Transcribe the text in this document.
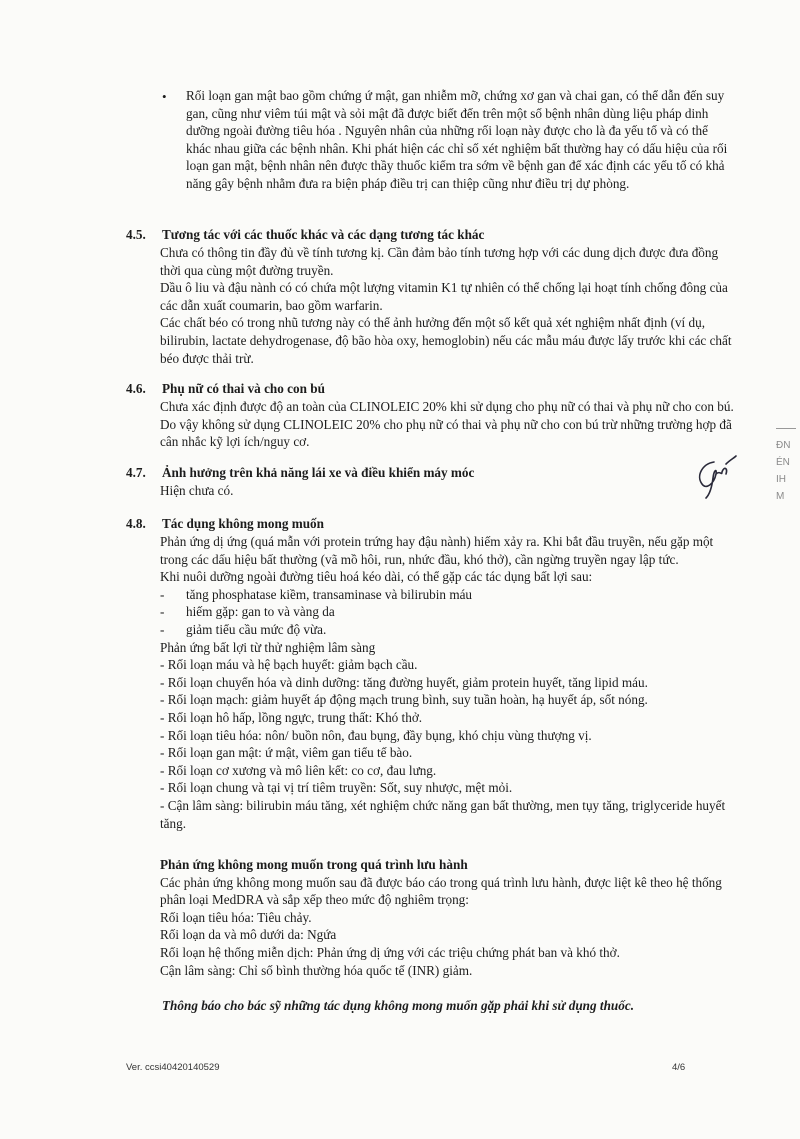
• Rối loạn gan mật bao gồm chứng ứ mật, gan nhiễm mỡ, chứng xơ gan và chai gan, có thể dẫn đến suy gan, cũng như viêm túi mật và sỏi mật đã được biết đến trên một số bệnh nhân dùng liệu pháp dinh dưỡng ngoài đường tiêu hóa . Nguyên nhân của những rối loạn này được cho là đa yếu tố và có thể khác nhau giữa các bệnh nhân. Khi phát hiện các chỉ số xét nghiệm bất thường hay có dấu hiệu của rối loạn gan mật, bệnh nhân nên được thầy thuốc kiểm tra sớm về bệnh gan để xác định các yếu tố có khả năng gây bệnh nhằm đưa ra biện pháp điều trị can thiệp cũng như điều trị dự phòng.

4.5. Tương tác với các thuốc khác và các dạng tương tác khác

Chưa có thông tin đầy đủ về tính tương kị. Cần đảm bảo tính tương hợp với các dung dịch được đưa đồng thời qua cùng một đường truyền.

Dầu ô liu và đậu nành có có chứa một lượng vitamin K1 tự nhiên có thể chống lại hoạt tính chống đông của các dẫn xuất coumarin, bao gồm warfarin.

Các chất béo có trong nhũ tương này có thể ảnh hưởng đến một số kết quả xét nghiệm nhất định (ví dụ, bilirubin, lactate dehydrogenase, độ bão hòa oxy, hemoglobin) nếu các mẫu máu được lấy trước khi các chất béo được thải trừ.

4.6. Phụ nữ có thai và cho con bú

Chưa xác định được độ an toàn của CLINOLEIC 20% khi sử dụng cho phụ nữ có thai và phụ nữ cho con bú. Do vậy không sử dụng CLINOLEIC 20% cho phụ nữ có thai và phụ nữ cho con bú trừ những trường hợp đã cân nhắc kỹ lợi ích/nguy cơ.

4.7. Ảnh hưởng trên khả năng lái xe và điều khiển máy móc

Hiện chưa có.

4.8. Tác dụng không mong muốn

Phản ứng dị ứng (quá mẫn với protein trứng hay đậu nành) hiếm xảy ra. Khi bắt đầu truyền, nếu gặp một trong các dấu hiệu bất thường (vã mồ hôi, run, nhức đầu, khó thở), cần ngừng truyền ngay lập tức.

Khi nuôi dưỡng ngoài đường tiêu hoá kéo dài, có thể gặp các tác dụng bất lợi sau:

-	tăng phosphatase kiềm, transaminase và bilirubin máu
-	hiếm gặp: gan to và vàng da
-	giảm tiểu cầu mức độ vừa.

Phản ứng bất lợi từ thử nghiệm lâm sàng

- Rối loạn máu và hệ bạch huyết: giảm bạch cầu.

- Rối loạn chuyển hóa và dinh dưỡng: tăng đường huyết, giảm protein huyết, tăng lipid máu.

- Rối loạn mạch: giảm huyết áp động mạch trung bình, suy tuần hoàn, hạ huyết áp, sốt nóng.

- Rối loạn hô hấp, lồng ngực, trung thất: Khó thở.

- Rối loạn tiêu hóa: nôn/ buồn nôn, đau bụng, đầy bụng, khó chịu vùng thượng vị.

- Rối loạn gan mật: ứ mật, viêm gan tiểu tế bào.

- Rối loạn cơ xương và mô liên kết: co cơ, đau lưng.

- Rối loạn chung và tại vị trí tiêm truyền: Sốt, suy nhược, mệt mỏi.

- Cận lâm sàng: bilirubin máu tăng, xét nghiệm chức năng gan bất thường, men tụy tăng, triglyceride huyết tăng.

Phản ứng không mong muốn trong quá trình lưu hành

Các phản ứng không mong muốn sau đã được báo cáo trong quá trình lưu hành, được liệt kê theo hệ thống phân loại MedDRA và sắp xếp theo mức độ nghiêm trọng:

Rối loạn tiêu hóa: Tiêu chảy.

Rối loạn da và mô dưới da: Ngứa

Rối loạn hệ thống miễn dịch: Phản ứng dị ứng với các triệu chứng phát ban và khó thở.

Cận lâm sàng: Chỉ số bình thường hóa quốc tế (INR) giảm.

Thông báo cho bác sỹ những tác dụng không mong muốn gặp phải khi sử dụng thuốc.

ĐN
ÉN
IH
M
Ver. ccsi40420140529	4/6
